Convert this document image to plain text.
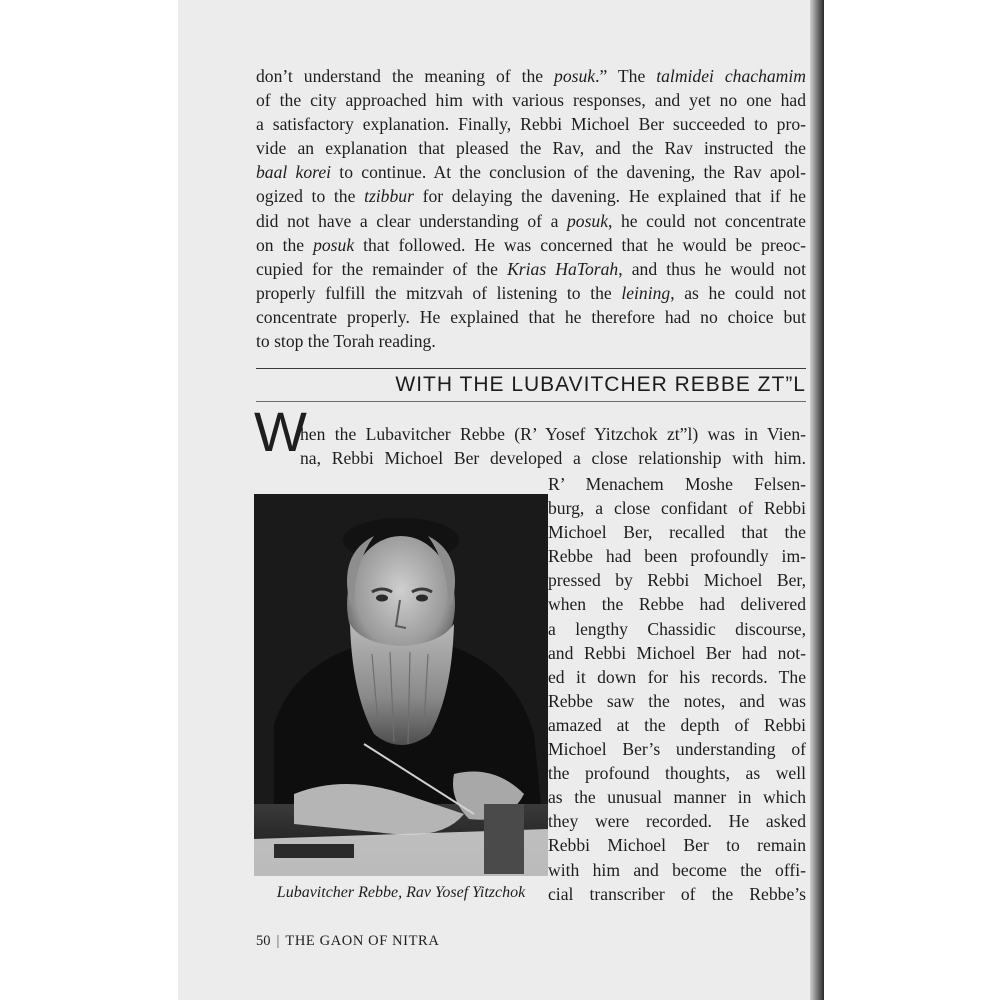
don’t understand the meaning of the posuk.” The talmidei chachamim
of the city approached him with various responses, and yet no one had
a satisfactory explanation. Finally, Rebbi Michoel Ber succeeded to pro-
vide an explanation that pleased the Rav, and the Rav instructed the
baal korei to continue. At the conclusion of the davening, the Rav apol-
ogized to the tzibbur for delaying the davening. He explained that if he
did not have a clear understanding of a posuk, he could not concentrate
on the posuk that followed. He was concerned that he would be preoc-
cupied for the remainder of the Krias HaTorah, and thus he would not
properly fulfill the mitzvah of listening to the leining, as he could not
concentrate properly. He explained that he therefore had no choice but
to stop the Torah reading.
WITH THE LUBAVITCHER REBBE ZT”L
W
hen the Lubavitcher Rebbe (R’ Yosef Yitzchok zt”l) was in Vien-
na, Rebbi Michoel Ber developed a close relationship with him.
R’ Menachem Moshe Felsen-
burg, a close confidant of Rebbi
Michoel Ber, recalled that the
Rebbe had been profoundly im-
pressed by Rebbi Michoel Ber,
when the Rebbe had delivered
a lengthy Chassidic discourse,
and Rebbi Michoel Ber had not-
ed it down for his records. The
Rebbe saw the notes, and was
amazed at the depth of Rebbi
Michoel Ber’s understanding of
the profound thoughts, as well
as the unusual manner in which
they were recorded. He asked
Rebbi Michoel Ber to remain
with him and become the offi-
cial transcriber of the Rebbe’s
Lubavitcher Rebbe, Rav Yosef Yitzchok
50 | THE GAON OF NITRA
